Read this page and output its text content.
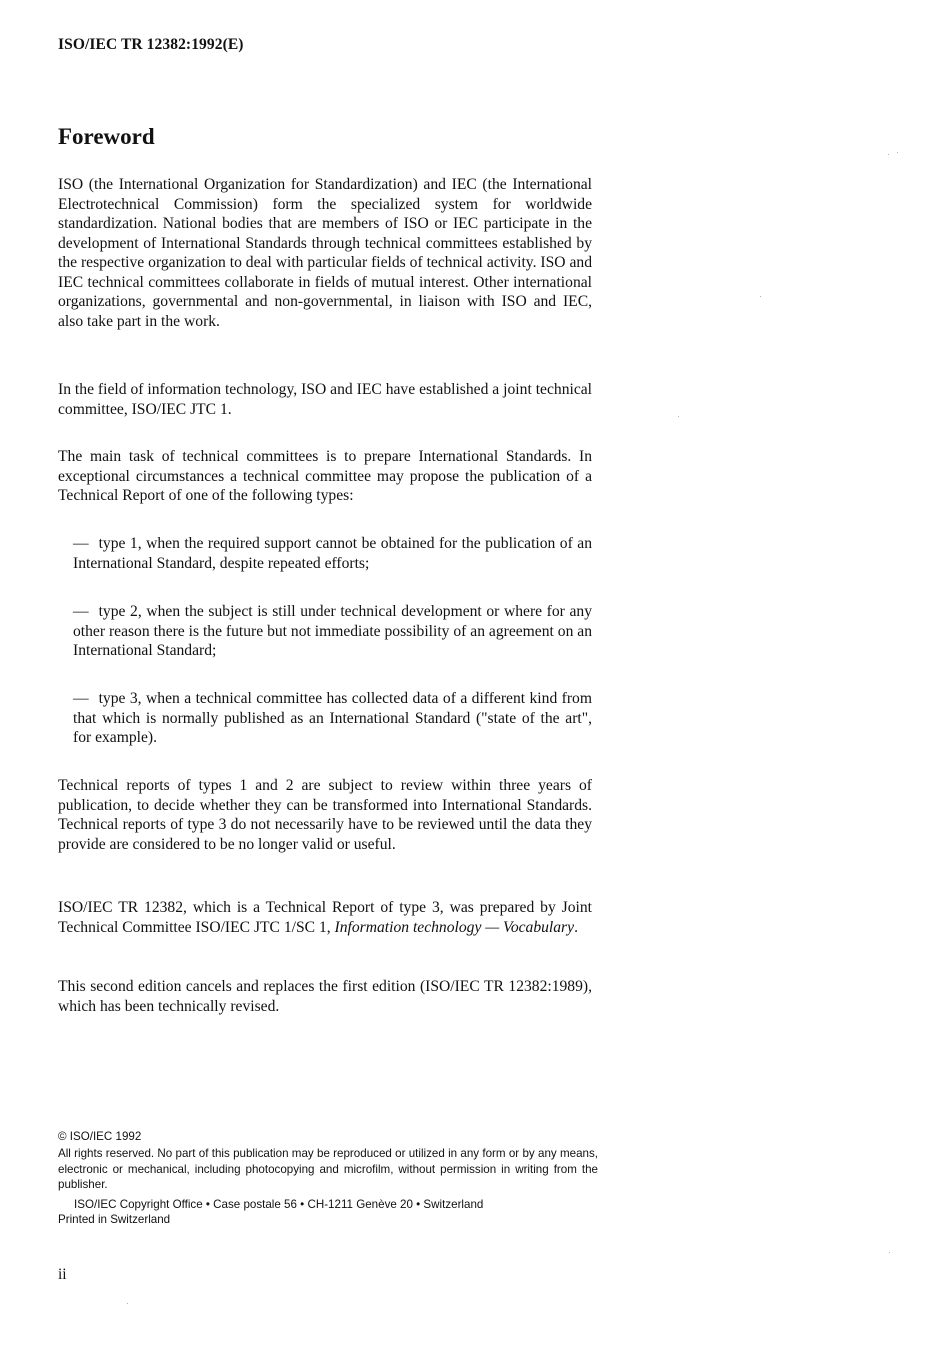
ISO/IEC TR 12382:1992(E)
Foreword

ISO (the International Organization for Standardization) and IEC (the International Electrotechnical Commission) form the specialized system for worldwide standardization. National bodies that are members of ISO or IEC participate in the development of International Standards through technical committees established by the respective organization to deal with particular fields of technical activity. ISO and IEC technical committees collaborate in fields of mutual interest. Other international organizations, governmental and non-governmental, in liaison with ISO and IEC, also take part in the work.

In the field of information technology, ISO and IEC have established a joint technical committee, ISO/IEC JTC 1.

The main task of technical committees is to prepare International Standards. In exceptional circumstances a technical committee may propose the publication of a Technical Report of one of the following types:

— type 1, when the required support cannot be obtained for the publication of an International Standard, despite repeated efforts;

— type 2, when the subject is still under technical development or where for any other reason there is the future but not immediate possibility of an agreement on an International Standard;

— type 3, when a technical committee has collected data of a different kind from that which is normally published as an International Standard ("state of the art", for example).

Technical reports of types 1 and 2 are subject to review within three years of publication, to decide whether they can be transformed into International Standards. Technical reports of type 3 do not necessarily have to be reviewed until the data they provide are considered to be no longer valid or useful.

ISO/IEC TR 12382, which is a Technical Report of type 3, was prepared by Joint Technical Committee ISO/IEC JTC 1/SC 1, Information technology — Vocabulary.

This second edition cancels and replaces the first edition (ISO/IEC TR 12382:1989), which has been technically revised.

© ISO/IEC 1992

All rights reserved. No part of this publication may be reproduced or utilized in any form or by any means, electronic or mechanical, including photocopying and microfilm, without permission in writing from the publisher.

ISO/IEC Copyright Office • Case postale 56 • CH-1211 Genève 20 • Switzerland

Printed in Switzerland

ii
